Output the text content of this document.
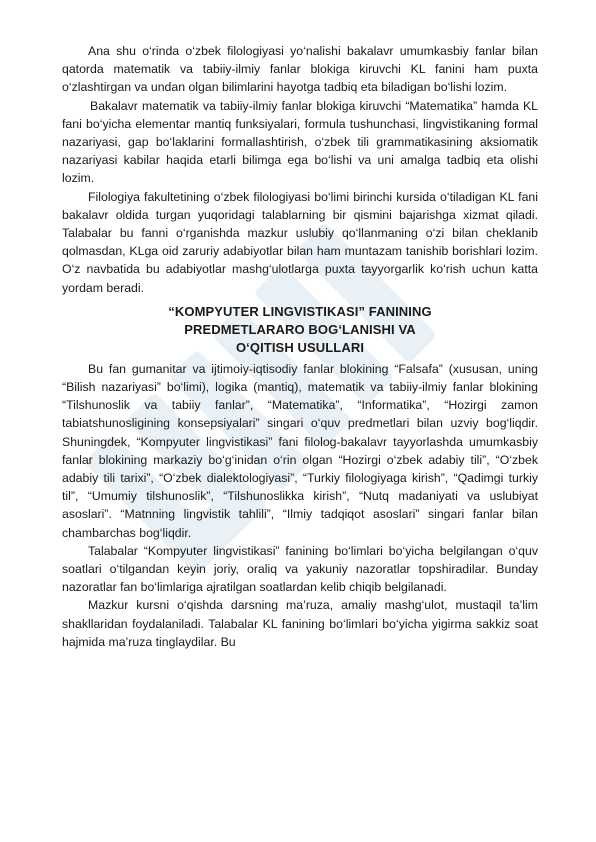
Ana shu o‘rinda o‘zbek filologiyasi yo‘nalishi bakalavr umumkasbiy fanlar bilan qatorda matematik va tabiiy-ilmiy fanlar blokiga kiruvchi KL fanini ham puxta o‘zlashtirgan va undan olgan bilimlarini hayotga tadbiq eta biladigan bo‘lishi lozim.

Bakalavr matematik va tabiiy-ilmiy fanlar blokiga kiruvchi “Matematika” hamda KL fani bo‘yicha elementar mantiq funksiyalari, formula tushunchasi, lingvistikaning formal nazariyasi, gap bo‘laklarini formallashtirish, o‘zbek tili grammatikasining aksiomatik nazariyasi kabilar haqida etarli bilimga ega bo‘lishi va uni amalga tadbiq eta olishi lozim.

Filologiya fakultetining o‘zbek filologiyasi bo‘limi birinchi kursida o‘tiladigan KL fani bakalavr oldida turgan yuqoridagi talablarning bir qismini bajarishga xizmat qiladi. Talabalar bu fanni o‘rganishda mazkur uslubiy qo‘llanmaning o‘zi bilan cheklanib qolmasdan, KLga oid zaruriy adabiyotlar bilan ham muntazam tanishib borishlari lozim. O‘z navbatida bu adabiyotlar mashg‘ulotlarga puxta tayyorgarlik ko‘rish uchun katta yordam beradi.

“KOMPYUTER LINGVISTIKASI” FANINING
PREDMETLARARO BOG‘LANISHI VA
O‘QITISH USULLARI

Bu fan gumanitar va ijtimoiy-iqtisodiy fanlar blokining “Falsafa” (xususan, uning “Bilish nazariyasi” bo‘limi), logika (mantiq), matematik va tabiiy-ilmiy fanlar blokining “Tilshunoslik va tabiiy fanlar”, “Matematika”, “Informatika”, “Hozirgi zamon tabiatshunosligining konsepsiyalari” singari o‘quv predmetlari bilan uzviy bog‘liqdir. Shuningdek, “Kompyuter lingvistikasi” fani filolog-bakalavr tayyorlashda umumkasbiy fanlar blokining markaziy bo‘g‘inidan o‘rin olgan “Hozirgi o‘zbek adabiy tili”, “O‘zbek adabiy tili tarixi”, “O‘zbek dialektologiyasi”, “Turkiy filologiyaga kirish”, “Qadimgi turkiy til”, “Umumiy tilshunoslik”, “Tilshunoslikka kirish”, “Nutq madaniyati va uslubiyat asoslari”. “Matnning lingvistik tahlili”, “Ilmiy tadqiqot asoslari” singari fanlar bilan chambarchas bog‘liqdir.

Talabalar “Kompyuter lingvistikasi” fanining bo‘limlari bo‘yicha belgilangan o‘quv soatlari o‘tilgandan keyin joriy, oraliq va yakuniy nazoratlar topshiradilar. Bunday nazoratlar fan bo‘limlariga ajratilgan soatlardan kelib chiqib belgilanadi.

Mazkur kursni o‘qishda darsning ma’ruza, amaliy mashg‘ulot, mustaqil ta’lim shakllaridan foydalaniladi. Talabalar KL fanining bo‘limlari bo‘yicha yigirma sakkiz soat hajmida ma’ruza tinglaydilar. Bu
